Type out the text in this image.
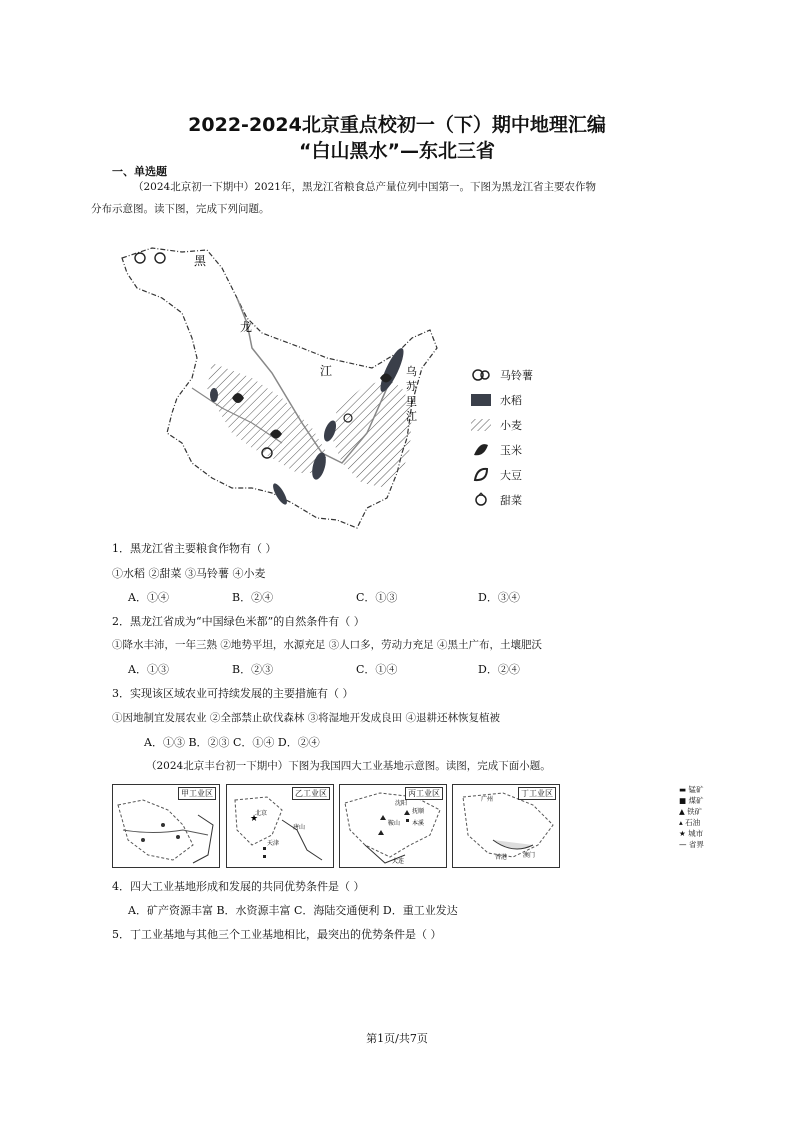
2022-2024北京重点校初一（下）期中地理汇编
“白山黑水”—东北三省
一、单选题
（2024北京初一下期中）2021年，黑龙江省粮食总产量位列中国第一。下图为黑龙江省主要农作物
分布示意图。读下图，完成下列问题。
黑
龙
江	乌
苏
里
江
马铃薯
水稻
小麦
玉米
大豆
甜菜
1．黑龙江省主要粮食作物有（ ）
①水稻 ②甜菜 ③马铃薯 ④小麦
A．①④	B．②④	C．①③	D．③④
2．黑龙江省成为“中国绿色米都”的自然条件有（ ）
①降水丰沛，一年三熟 ②地势平坦，水源充足 ③人口多，劳动力充足 ④黑土广布，土壤肥沃
A．①③	B．②③	C．①④	D．②④
3．实现该区域农业可持续发展的主要措施有（ ）
①因地制宜发展农业 ②全部禁止砍伐森林 ③将湿地开发成良田 ④退耕还林恢复植被
A．①③ B．②③ C．①④ D．②④
（2024北京丰台初一下期中）下图为我国四大工业基地示意图。读图，完成下面小题。
甲工业区
北京
唐山
天津
★
乙工业区
沈阳
抚顺
本溪
鞍山
大连
丙工业区
广州
香港	澳门
丁工业区	▬ 锰矿
■ 煤矿
▲ 铁矿
▴ 石油
★ 城市
— 省界
4．四大工业基地形成和发展的共同优势条件是（ ）
A．矿产资源丰富 B．水资源丰富 C．海陆交通便利 D．重工业发达
5．丁工业基地与其他三个工业基地相比，最突出的优势条件是（ ）
第1页/共7页
